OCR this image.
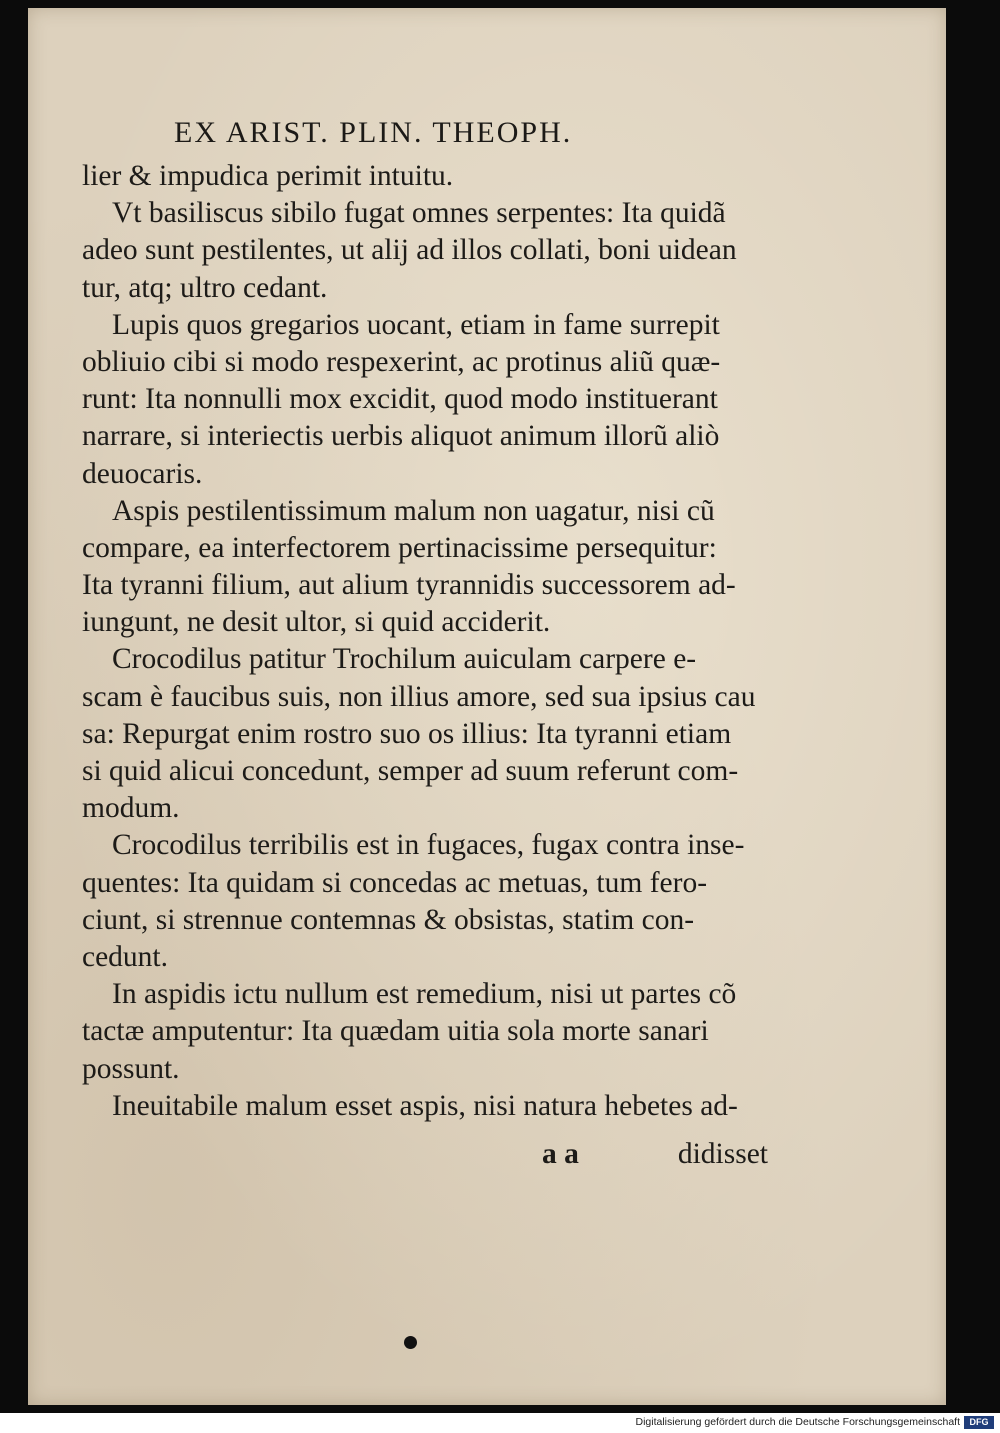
EX ARIST. PLIN. THEOPH.
lier & impudica perimit intuitu.
Vt basiliscus sibilo fugat omnes serpentes: Ita quidã
adeo sunt pestilentes, ut alij ad illos collati, boni uidean
tur, atq; ultro cedant.
Lupis quos gregarios uocant, etiam in fame surrepit
obliuio cibi si modo respexerint, ac protinus aliũ quæ-
runt: Ita nonnulli mox excidit, quod modo instituerant
narrare, si interiectis uerbis aliquot animum illorũ aliò
deuocaris.
Aspis pestilentissimum malum non uagatur, nisi cũ
compare, ea interfectorem pertinacissime persequitur:
Ita tyranni filium, aut alium tyrannidis successorem ad-
iungunt, ne desit ultor, si quid acciderit.
Crocodilus patitur Trochilum auiculam carpere e-
scam è faucibus suis, non illius amore, sed sua ipsius cau
sa: Repurgat enim rostro suo os illius: Ita tyranni etiam
si quid alicui concedunt, semper ad suum referunt com-
modum.
Crocodilus terribilis est in fugaces, fugax contra inse-
quentes: Ita quidam si concedas ac metuas, tum fero-
ciunt, si strennue contemnas & obsistas, statim con-
cedunt.
In aspidis ictu nullum est remedium, nisi ut partes cõ
tactæ amputentur: Ita quædam uitia sola morte sanari
possunt.
Ineuitabile malum esset aspis, nisi natura hebetes ad-
a a	didisset
Digitalisierung gefördert durch die Deutsche Forschungsgemeinschaft	DFG
